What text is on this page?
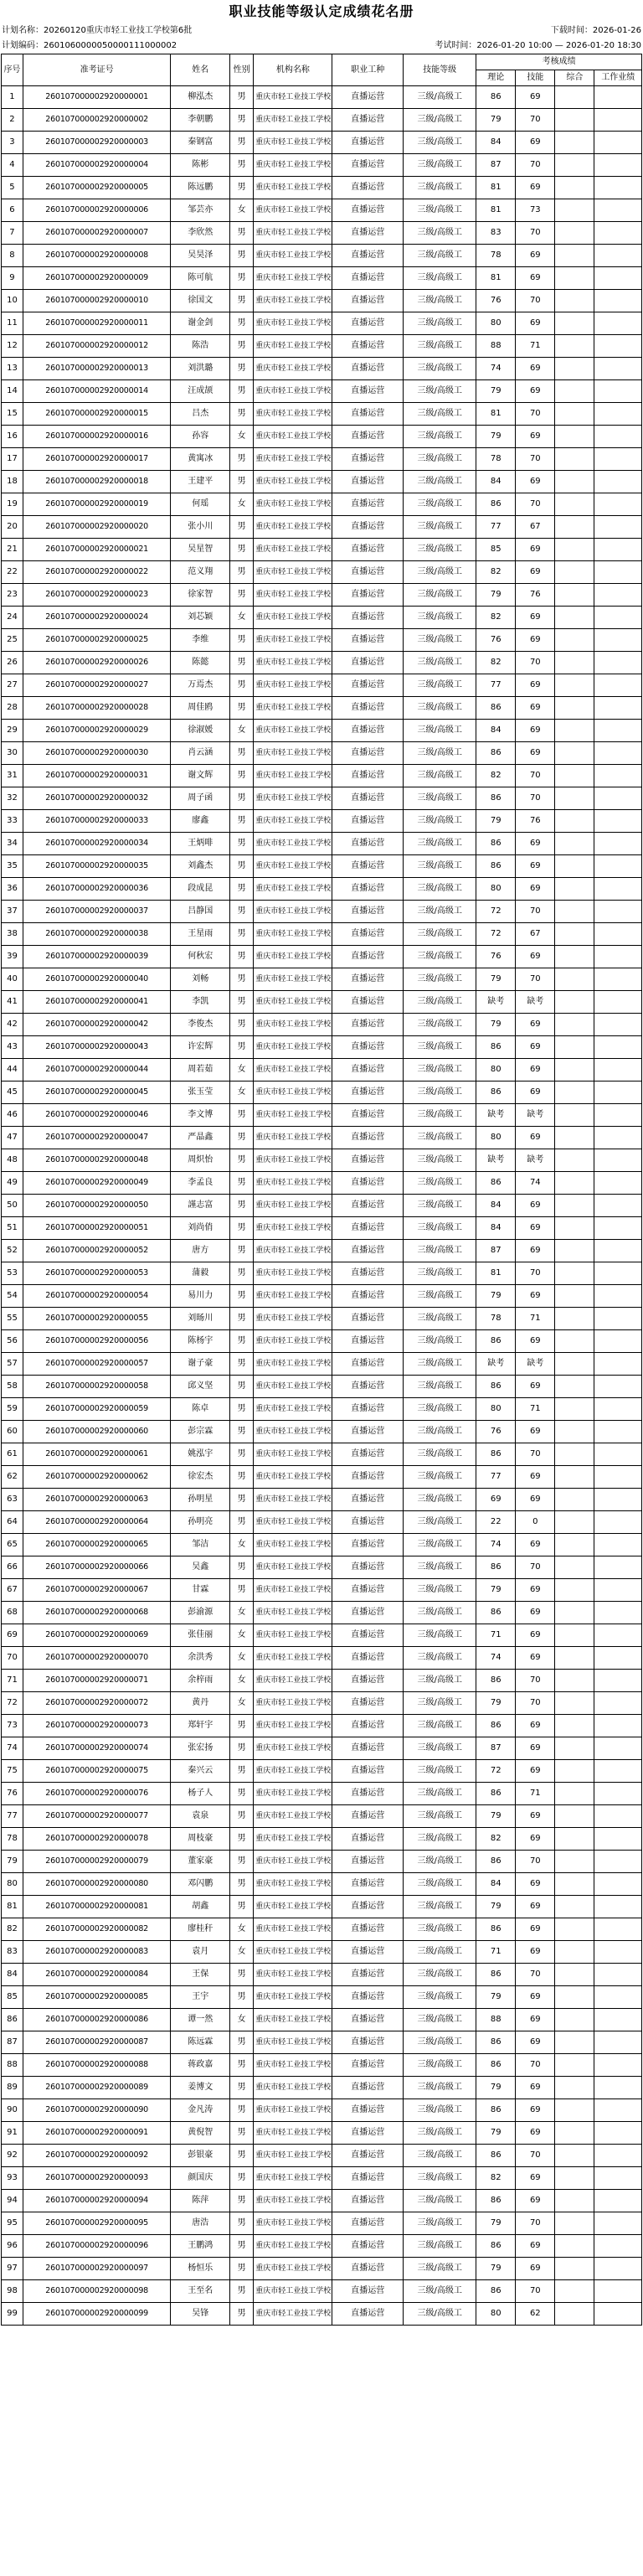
职业技能等级认定成绩花名册
计划名称：20260120重庆市轻工业技工学校第6批	下载时间：2026-01-26
计划编码：2601060000050000111000002	考试时间：2026-01-20 10:00 — 2026-01-20 18:30
序号	准考证号	姓名	性别	机构名称	职业工种	技能等级	考核成绩			
							理论	技能	综合	工作业绩
1	260107000002920000001	柳泓杰	男	重庆市轻工业技工学校	直播运营	三级/高级工	86	69		
2	260107000002920000002	李朝鹏	男	重庆市轻工业技工学校	直播运营	三级/高级工	79	70		
3	260107000002920000003	秦钢富	男	重庆市轻工业技工学校	直播运营	三级/高级工	84	69		
4	260107000002920000004	陈彬	男	重庆市轻工业技工学校	直播运营	三级/高级工	87	70		
5	260107000002920000005	陈远鹏	男	重庆市轻工业技工学校	直播运营	三级/高级工	81	69		
6	260107000002920000006	邹芸亦	女	重庆市轻工业技工学校	直播运营	三级/高级工	81	73		
7	260107000002920000007	李欣然	男	重庆市轻工业技工学校	直播运营	三级/高级工	83	70		
8	260107000002920000008	吴昊泽	男	重庆市轻工业技工学校	直播运营	三级/高级工	78	69		
9	260107000002920000009	陈可航	男	重庆市轻工业技工学校	直播运营	三级/高级工	81	69		
10	260107000002920000010	徐国文	男	重庆市轻工业技工学校	直播运营	三级/高级工	76	70		
11	260107000002920000011	谢金剑	男	重庆市轻工业技工学校	直播运营	三级/高级工	80	69		
12	260107000002920000012	陈浩	男	重庆市轻工业技工学校	直播运营	三级/高级工	88	71		
13	260107000002920000013	刘洪璐	男	重庆市轻工业技工学校	直播运营	三级/高级工	74	69		
14	260107000002920000014	汪成颉	男	重庆市轻工业技工学校	直播运营	三级/高级工	79	69		
15	260107000002920000015	吕杰	男	重庆市轻工业技工学校	直播运营	三级/高级工	81	70		
16	260107000002920000016	孙容	女	重庆市轻工业技工学校	直播运营	三级/高级工	79	69		
17	260107000002920000017	黄寓冰	男	重庆市轻工业技工学校	直播运营	三级/高级工	78	70		
18	260107000002920000018	王建平	男	重庆市轻工业技工学校	直播运营	三级/高级工	84	69		
19	260107000002920000019	何瑶	女	重庆市轻工业技工学校	直播运营	三级/高级工	86	70		
20	260107000002920000020	张小川	男	重庆市轻工业技工学校	直播运营	三级/高级工	77	67		
21	260107000002920000021	吴星智	男	重庆市轻工业技工学校	直播运营	三级/高级工	85	69		
22	260107000002920000022	范义翔	男	重庆市轻工业技工学校	直播运营	三级/高级工	82	69		
23	260107000002920000023	徐家智	男	重庆市轻工业技工学校	直播运营	三级/高级工	79	76		
24	260107000002920000024	刘芯颖	女	重庆市轻工业技工学校	直播运营	三级/高级工	82	69		
25	260107000002920000025	李维	男	重庆市轻工业技工学校	直播运营	三级/高级工	76	69		
26	260107000002920000026	陈懿	男	重庆市轻工业技工学校	直播运营	三级/高级工	82	70		
27	260107000002920000027	万焉杰	男	重庆市轻工业技工学校	直播运营	三级/高级工	77	69		
28	260107000002920000028	周佳鸥	男	重庆市轻工业技工学校	直播运营	三级/高级工	86	69		
29	260107000002920000029	徐淑媛	女	重庆市轻工业技工学校	直播运营	三级/高级工	84	69		
30	260107000002920000030	肖云涵	男	重庆市轻工业技工学校	直播运营	三级/高级工	86	69		
31	260107000002920000031	谢文辉	男	重庆市轻工业技工学校	直播运营	三级/高级工	82	70		
32	260107000002920000032	周子函	男	重庆市轻工业技工学校	直播运营	三级/高级工	86	70		
33	260107000002920000033	廖鑫	男	重庆市轻工业技工学校	直播运营	三级/高级工	79	76		
34	260107000002920000034	王炳啡	男	重庆市轻工业技工学校	直播运营	三级/高级工	86	69		
35	260107000002920000035	刘鑫杰	男	重庆市轻工业技工学校	直播运营	三级/高级工	86	69		
36	260107000002920000036	段成昆	男	重庆市轻工业技工学校	直播运营	三级/高级工	80	69		
37	260107000002920000037	吕静国	男	重庆市轻工业技工学校	直播运营	三级/高级工	72	70		
38	260107000002920000038	王星雨	男	重庆市轻工业技工学校	直播运营	三级/高级工	72	67		
39	260107000002920000039	何秋宏	男	重庆市轻工业技工学校	直播运营	三级/高级工	76	69		
40	260107000002920000040	刘畅	男	重庆市轻工业技工学校	直播运营	三级/高级工	79	70		
41	260107000002920000041	李凯	男	重庆市轻工业技工学校	直播运营	三级/高级工	缺考	缺考		
42	260107000002920000042	李俊杰	男	重庆市轻工业技工学校	直播运营	三级/高级工	79	69		
43	260107000002920000043	许宏辉	男	重庆市轻工业技工学校	直播运营	三级/高级工	86	69		
44	260107000002920000044	周若茹	女	重庆市轻工业技工学校	直播运营	三级/高级工	80	69		
45	260107000002920000045	张玉莹	女	重庆市轻工业技工学校	直播运营	三级/高级工	86	69		
46	260107000002920000046	李文博	男	重庆市轻工业技工学校	直播运营	三级/高级工	缺考	缺考		
47	260107000002920000047	严晶鑫	男	重庆市轻工业技工学校	直播运营	三级/高级工	80	69		
48	260107000002920000048	周炽怡	男	重庆市轻工业技工学校	直播运营	三级/高级工	缺考	缺考		
49	260107000002920000049	李孟良	男	重庆市轻工业技工学校	直播运营	三级/高级工	86	74		
50	260107000002920000050	謹志富	男	重庆市轻工业技工学校	直播运营	三级/高级工	84	69		
51	260107000002920000051	刘尚俏	男	重庆市轻工业技工学校	直播运营	三级/高级工	84	69		
52	260107000002920000052	唐方	男	重庆市轻工业技工学校	直播运营	三级/高级工	87	69		
53	260107000002920000053	蒲毅	男	重庆市轻工业技工学校	直播运营	三级/高级工	81	70		
54	260107000002920000054	易川力	男	重庆市轻工业技工学校	直播运营	三级/高级工	79	69		
55	260107000002920000055	刘旸川	男	重庆市轻工业技工学校	直播运营	三级/高级工	78	71		
56	260107000002920000056	陈杨宇	男	重庆市轻工业技工学校	直播运营	三级/高级工	86	69		
57	260107000002920000057	谢子豪	男	重庆市轻工业技工学校	直播运营	三级/高级工	缺考	缺考		
58	260107000002920000058	邱义坚	男	重庆市轻工业技工学校	直播运营	三级/高级工	86	69		
59	260107000002920000059	陈卓	男	重庆市轻工业技工学校	直播运营	三级/高级工	80	71		
60	260107000002920000060	彭宗霖	男	重庆市轻工业技工学校	直播运营	三级/高级工	76	69		
61	260107000002920000061	姚泓宇	男	重庆市轻工业技工学校	直播运营	三级/高级工	86	70		
62	260107000002920000062	徐宏杰	男	重庆市轻工业技工学校	直播运营	三级/高级工	77	69		
63	260107000002920000063	孙明星	男	重庆市轻工业技工学校	直播运营	三级/高级工	69	69		
64	260107000002920000064	孙明亮	男	重庆市轻工业技工学校	直播运营	三级/高级工	22	0		
65	260107000002920000065	邹洁	女	重庆市轻工业技工学校	直播运营	三级/高级工	74	69		
66	260107000002920000066	吴鑫	男	重庆市轻工业技工学校	直播运营	三级/高级工	86	70		
67	260107000002920000067	甘霖	男	重庆市轻工业技工学校	直播运营	三级/高级工	79	69		
68	260107000002920000068	彭渝源	女	重庆市轻工业技工学校	直播运营	三级/高级工	86	69		
69	260107000002920000069	张佳丽	女	重庆市轻工业技工学校	直播运营	三级/高级工	71	69		
70	260107000002920000070	余洪秀	女	重庆市轻工业技工学校	直播运营	三级/高级工	74	69		
71	260107000002920000071	余梓雨	女	重庆市轻工业技工学校	直播运营	三级/高级工	86	70		
72	260107000002920000072	黄丹	女	重庆市轻工业技工学校	直播运营	三级/高级工	79	70		
73	260107000002920000073	郑轩宇	男	重庆市轻工业技工学校	直播运营	三级/高级工	86	69		
74	260107000002920000074	张宏扬	男	重庆市轻工业技工学校	直播运营	三级/高级工	87	69		
75	260107000002920000075	秦兴云	男	重庆市轻工业技工学校	直播运营	三级/高级工	72	69		
76	260107000002920000076	杨子人	男	重庆市轻工业技工学校	直播运营	三级/高级工	86	71		
77	260107000002920000077	袁泉	男	重庆市轻工业技工学校	直播运营	三级/高级工	79	69		
78	260107000002920000078	周枝豪	男	重庆市轻工业技工学校	直播运营	三级/高级工	82	69		
79	260107000002920000079	董家豪	男	重庆市轻工业技工学校	直播运营	三级/高级工	86	70		
80	260107000002920000080	邓闪鹏	男	重庆市轻工业技工学校	直播运营	三级/高级工	84	69		
81	260107000002920000081	胡鑫	男	重庆市轻工业技工学校	直播运营	三级/高级工	79	69		
82	260107000002920000082	廖桂秆	女	重庆市轻工业技工学校	直播运营	三级/高级工	86	69		
83	260107000002920000083	袁月	女	重庆市轻工业技工学校	直播运营	三级/高级工	71	69		
84	260107000002920000084	王保	男	重庆市轻工业技工学校	直播运营	三级/高级工	86	70		
85	260107000002920000085	王宇	男	重庆市轻工业技工学校	直播运营	三级/高级工	79	69		
86	260107000002920000086	谭一然	女	重庆市轻工业技工学校	直播运营	三级/高级工	88	69		
87	260107000002920000087	陈远霖	男	重庆市轻工业技工学校	直播运营	三级/高级工	86	69		
88	260107000002920000088	蒋政嘉	男	重庆市轻工业技工学校	直播运营	三级/高级工	86	70		
89	260107000002920000089	姜博文	男	重庆市轻工业技工学校	直播运营	三级/高级工	79	69		
90	260107000002920000090	金凡涛	男	重庆市轻工业技工学校	直播运营	三级/高级工	86	69		
91	260107000002920000091	黄倪智	男	重庆市轻工业技工学校	直播运营	三级/高级工	79	69		
92	260107000002920000092	彭银豪	男	重庆市轻工业技工学校	直播运营	三级/高级工	86	70		
93	260107000002920000093	颜国庆	男	重庆市轻工业技工学校	直播运营	三级/高级工	82	69		
94	260107000002920000094	陈萍	男	重庆市轻工业技工学校	直播运营	三级/高级工	86	69		
95	260107000002920000095	唐浩	男	重庆市轻工业技工学校	直播运营	三级/高级工	79	70		
96	260107000002920000096	王鹏鸿	男	重庆市轻工业技工学校	直播运营	三级/高级工	86	69		
97	260107000002920000097	杨恒乐	男	重庆市轻工业技工学校	直播运营	三级/高级工	79	69		
98	260107000002920000098	王至名	男	重庆市轻工业技工学校	直播运营	三级/高级工	86	70		
99	260107000002920000099	吴锋	男	重庆市轻工业技工学校	直播运营	三级/高级工	80	62		
